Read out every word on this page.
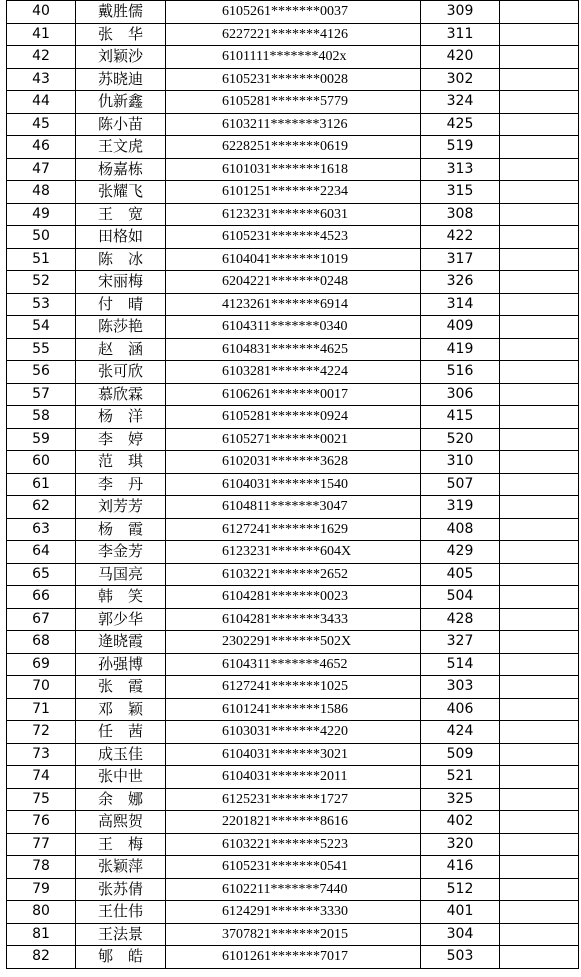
40	戴胜儒	6105261*******0037	309	
41	张　华	6227221*******4126	311	
42	刘颖沙	6101111*******402x	420	
43	苏晓迪	6105231*******0028	302	
44	仇新鑫	6105281*******5779	324	
45	陈小苗	6103211*******3126	425	
46	王文虎	6228251*******0619	519	
47	杨嘉栋	6101031*******1618	313	
48	张耀飞	6101251*******2234	315	
49	王　宽	6123231*******6031	308	
50	田格如	6105231*******4523	422	
51	陈　冰	6104041*******1019	317	
52	宋丽梅	6204221*******0248	326	
53	付　晴	4123261*******6914	314	
54	陈莎艳	6104311*******0340	409	
55	赵　涵	6104831*******4625	419	
56	张可欣	6103281*******4224	516	
57	慕欣霖	6106261*******0017	306	
58	杨　洋	6105281*******0924	415	
59	李　婷	6105271*******0021	520	
60	范　琪	6102031*******3628	310	
61	李　丹	6104031*******1540	507	
62	刘芳芳	6104811*******3047	319	
63	杨　霞	6127241*******1629	408	
64	李金芳	6123231*******604X	429	
65	马国亮	6103221*******2652	405	
66	韩　笑	6104281*******0023	504	
67	郭少华	6104281*******3433	428	
68	逄晓霞	2302291*******502X	327	
69	孙强博	6104311*******4652	514	
70	张　霞	6127241*******1025	303	
71	邓　颖	6101241*******1586	406	
72	任　茜	6103031*******4220	424	
73	成玉佳	6104031*******3021	509	
74	张中世	6104031*******2011	521	
75	余　娜	6125231*******1727	325	
76	高熙贺	2201821*******8616	402	
77	王　梅	6103221*******5223	320	
78	张颖萍	6105231*******0541	416	
79	张苏倩	6102211*******7440	512	
80	王仕伟	6124291*******3330	401	
81	王法景	3707821*******2015	304	
82	郇　皓	6101261*******7017	503	
